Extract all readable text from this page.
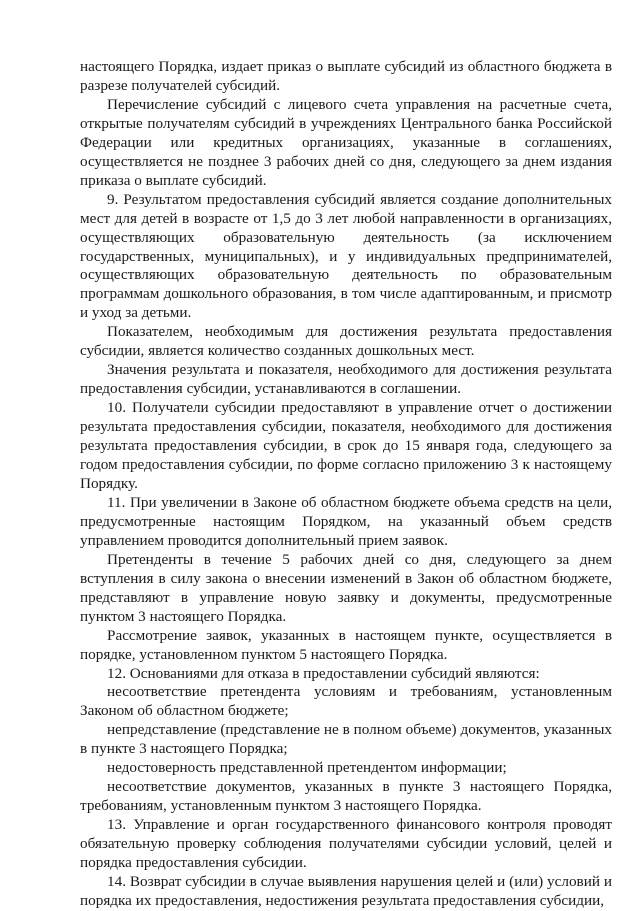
настоящего Порядка, издает приказ о выплате субсидий из областного бюджета в разрезе получателей субсидий.

Перечисление субсидий с лицевого счета управления на расчетные счета, открытые получателям субсидий в учреждениях Центрального банка Российской Федерации или кредитных организациях, указанные в соглашениях, осуществляется не позднее 3 рабочих дней со дня, следующего за днем издания приказа о выплате субсидий.

9. Результатом предоставления субсидий является создание дополнительных мест для детей в возрасте от 1,5 до 3 лет любой направленности в организациях, осуществляющих образовательную деятельность (за исключением государственных, муниципальных), и у индивидуальных предпринимателей, осуществляющих образовательную деятельность по образовательным программам дошкольного образования, в том числе адаптированным, и присмотр и уход за детьми.

Показателем, необходимым для достижения результата предоставления субсидии, является количество созданных дошкольных мест.

Значения результата и показателя, необходимого для достижения результата предоставления субсидии, устанавливаются в соглашении.

10. Получатели субсидии предоставляют в управление отчет о достижении результата предоставления субсидии, показателя, необходимого для достижения результата предоставления субсидии, в срок до 15 января года, следующего за годом предоставления субсидии, по форме согласно приложению 3 к настоящему Порядку.

11. При увеличении в Законе об областном бюджете объема средств на цели, предусмотренные настоящим Порядком, на указанный объем средств управлением проводится дополнительный прием заявок.

Претенденты в течение 5 рабочих дней со дня, следующего за днем вступления в силу закона о внесении изменений в Закон об областном бюджете, представляют в управление новую заявку и документы, предусмотренные пунктом 3 настоящего Порядка.

Рассмотрение заявок, указанных в настоящем пункте, осуществляется в порядке, установленном пунктом 5 настоящего Порядка.

12. Основаниями для отказа в предоставлении субсидий являются:

несоответствие претендента условиям и требованиям, установленным Законом об областном бюджете;

непредставление (представление не в полном объеме) документов, указанных в пункте 3 настоящего Порядка;

недостоверность представленной претендентом информации;

несоответствие документов, указанных в пункте 3 настоящего Порядка, требованиям, установленным пунктом 3 настоящего Порядка.

13. Управление и орган государственного финансового контроля проводят обязательную проверку соблюдения получателями субсидии условий, целей и порядка предоставления субсидии.

14. Возврат субсидии в случае выявления нарушения целей и (или) условий и порядка их предоставления, недостижения результата предоставления субсидии,
